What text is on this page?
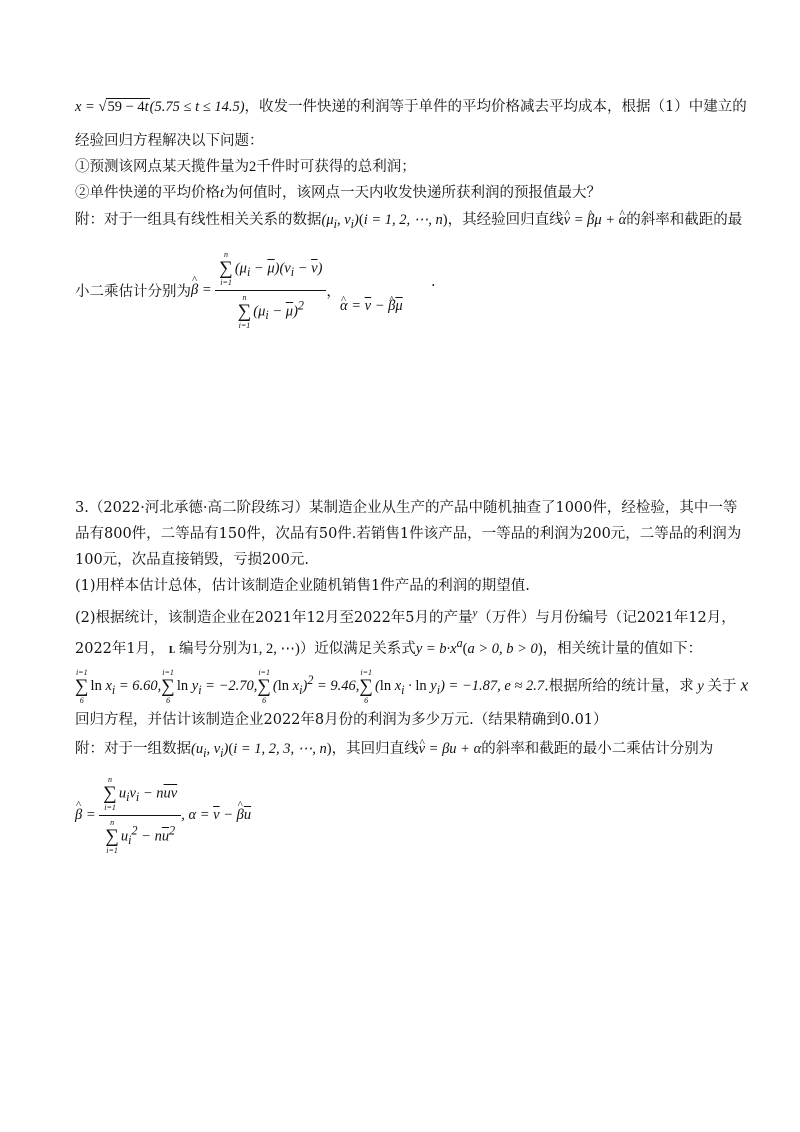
x = √59 − 4t(5.75 ≤ t ≤ 14.5)，收发一件快递的利润等于单件的平均价格减去平均成本，根据（1）中建立的
经验回归方程解决以下问题：
①预测该网点某天揽件量为2千件时可获得的总利润；
②单件快递的平均价格t为何值时，该网点一天内收发快递所获利润的预报值最大？
附：对于一组具有线性相关关系的数据($\mu_i$, $v_i)(i = 1$, 2, ⋯, n)，其经验回归直线^ v = ^ βμ + ^ α的斜率和截距的最
小二乘估计分别为^ β = n
∑
i=1
$(\mu_i - \overline{\mu})(v_i - \overline{v})$
n
∑
i=1
$(\mu_i - \overline{\mu})^2$ ，
^ $\alpha = \overline{v}$ − ^ $\beta\overline{\mu}$
.
3.（2022·河北承德·高二阶段练习）某制造企业从生产的产品中随机抽查了1000件，经检验，其中一等
品有800件，二等品有150件，次品有50件.若销售1件该产品，一等品的利润为200元，二等品的利润为
100元，次品直接销毁，亏损200元.
(1)用样本估计总体，估计该制造企业随机销售1件产品的利润的期望值.
(2)根据统计，该制造企业在2021年12月至2022年5月的产量$^y$（万件）与月份编号（记2021年12月，
2022年1月， L 编号分别为1, 2, ⋯)）近似满足关系式$y = b\cdot x^a(a > 0$, b > 0)，相关统计量的值如下：
i=1
∑
6
$\ln x_i = 6.60$,
i=1
∑
6
$\ln y_i = -2.70$,
i=1
∑
6
(ln $x_i)^2 = 9.46$,
i=1
∑
6
(ln $x_i \cdot \ln y_i) = -1.87$, e ≈ 2.7.根据所给的统计量，求 y 关于 x
回归方程，并估计该制造企业2022年8月份的利润为多少万元.（结果精确到0.01）
附：对于一组数据($u_i$, $v_i)(i = 1$, 2, 3, ⋯, n)，其回归直线^ v = βu + α的斜率和截距的最小二乘估计分别为
^ β = n
∑
i=1
$u_iv_i - n\overline{uv}$
n
∑
i=1
$u_i^2 - n\overline{u}^2$ , $\alpha = \overline{v}$ − ^ $\beta\overline{u}$
